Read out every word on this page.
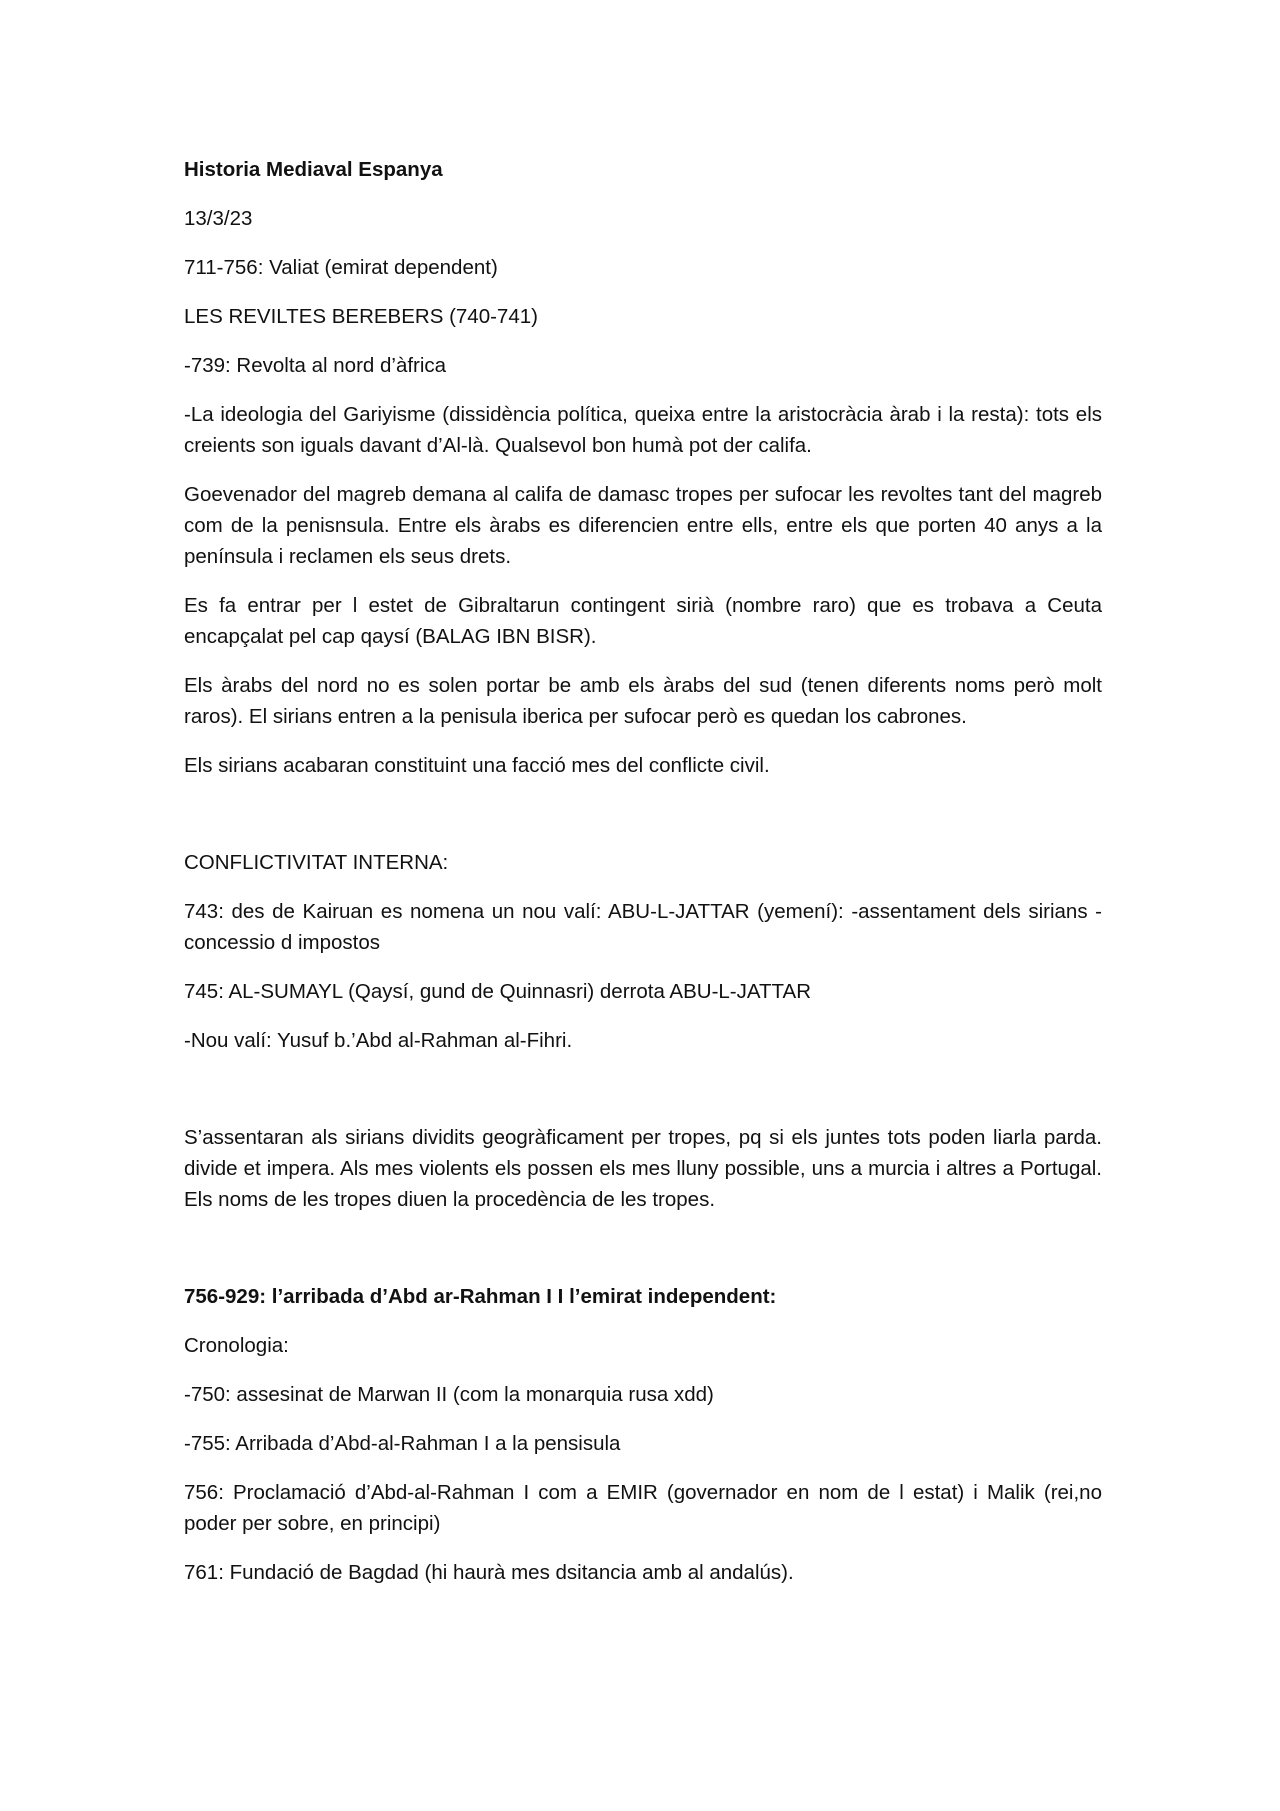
Historia Mediaval Espanya

13/3/23

711-756: Valiat (emirat dependent)

LES REVILTES BEREBERS (740-741)

-739: Revolta al nord d’àfrica

-La ideologia del Gariyisme (dissidència política, queixa entre la aristocràcia àrab i la resta): tots els creients son iguals davant d’Al-là. Qualsevol bon humà pot der califa.

Goevenador del magreb demana al califa de damasc tropes per sufocar les revoltes tant del magreb com de la penisnsula. Entre els àrabs es diferencien entre ells, entre els que porten 40 anys a la península i reclamen els seus drets.

Es fa entrar per l estet de Gibraltarun contingent sirià (nombre raro) que es trobava a Ceuta encapçalat pel cap qaysí (BALAG IBN BISR).

Els àrabs del nord no es solen portar be amb els àrabs del sud (tenen diferents noms però molt raros). El sirians entren a la penisula iberica per sufocar però es quedan los cabrones.

Els sirians acabaran constituint una facció mes del conflicte civil.

CONFLICTIVITAT INTERNA:

743: des de Kairuan es nomena un nou valí: ABU-L-JATTAR (yemení): -assentament dels sirians - concessio d impostos

745: AL-SUMAYL (Qaysí, gund de Quinnasri) derrota ABU-L-JATTAR

-Nou valí: Yusuf b.’Abd al-Rahman al-Fihri.

S’assentaran als sirians dividits geogràficament per tropes, pq si els juntes tots poden liarla parda. divide et impera. Als mes violents els possen els mes lluny possible, uns a murcia i altres a Portugal. Els noms de les tropes diuen la procedència de les tropes.

756-929: l’arribada d’Abd ar-Rahman I I l’emirat independent:

Cronologia:

-750: assesinat de Marwan II (com la monarquia rusa xdd)

-755: Arribada d’Abd-al-Rahman I a la pensisula

756: Proclamació d’Abd-al-Rahman I com a EMIR (governador en nom de l estat) i Malik (rei,no poder per sobre, en principi)

761: Fundació de Bagdad (hi haurà mes dsitancia amb al andalús).
